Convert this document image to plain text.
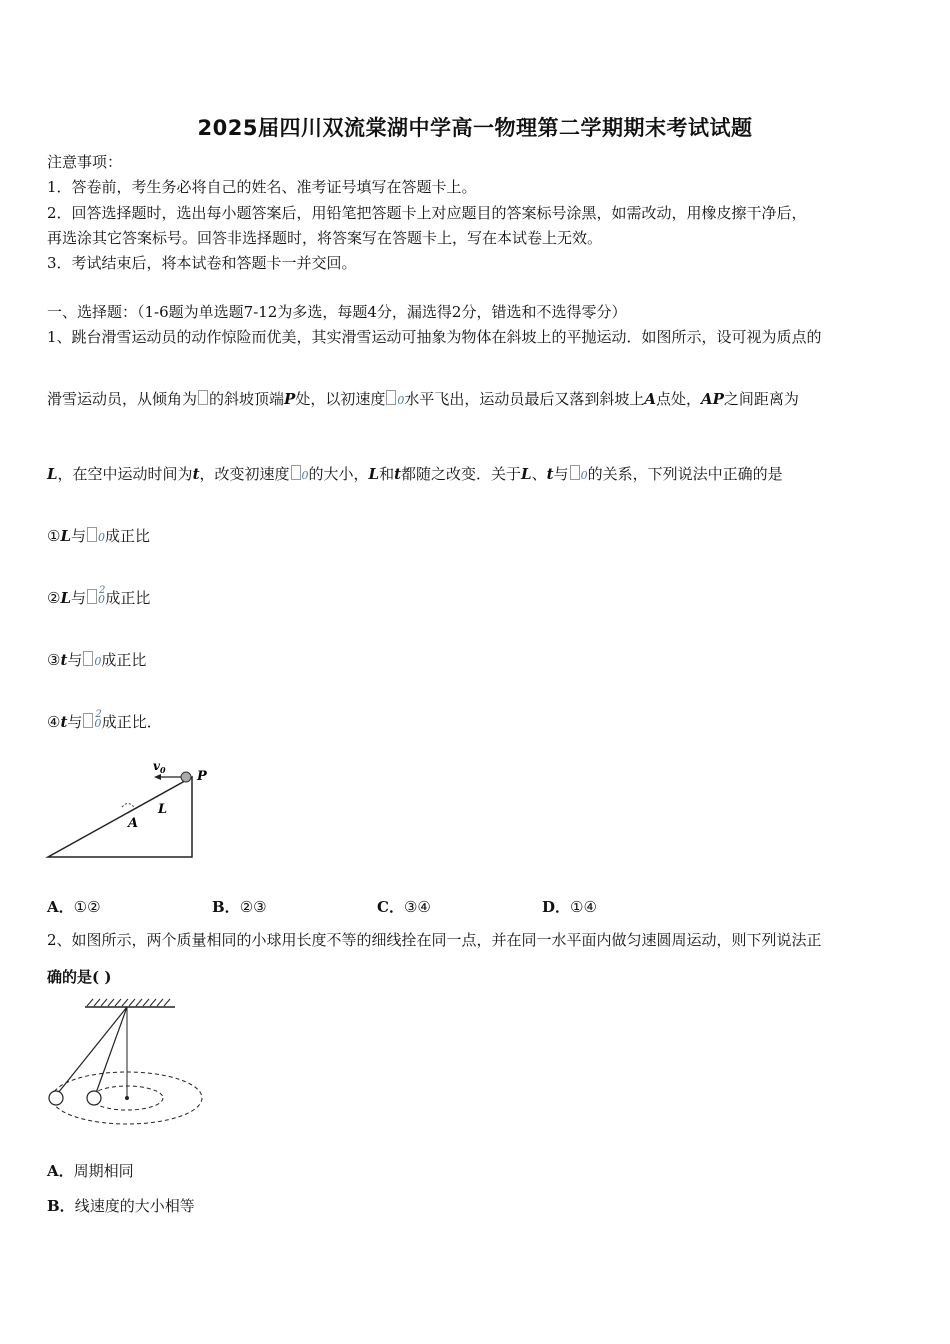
2025届四川双流棠湖中学高一物理第二学期期末考试试题
注意事项：
1．答卷前，考生务必将自己的姓名、准考证号填写在答题卡上。
2．回答选择题时，选出每小题答案后，用铅笔把答题卡上对应题目的答案标号涂黑，如需改动，用橡皮擦干净后，
再选涂其它答案标号。回答非选择题时，将答案写在答题卡上，写在本试卷上无效。
3．考试结束后，将本试卷和答题卡一并交回。
一、选择题：（1-6题为单选题7-12为多选，每题4分，漏选得2分，错选和不选得零分）
1、跳台滑雪运动员的动作惊险而优美，其实滑雪运动可抽象为物体在斜坡上的平抛运动．如图所示，设可视为质点的
滑雪运动员，从倾角为 的斜坡顶端P处，以初速度 0水平飞出，运动员最后又落到斜坡上A点处，AP之间距离为
L，在空中运动时间为t，改变初速度 0的大小，L和t都随之改变．关于L、t与 0的关系，下列说法中正确的是
①L与 0成正比
②L与 $0^2$成正比
③t与 0成正比
④t与 $0^2$成正比．
$v_0$ P
L
A
A．①②	B．②③	C．③④	D．①④
2、如图所示，两个质量相同的小球用长度不等的细线拴在同一点，并在同一水平面内做匀速圆周运动，则下列说法正
确的是( )
A．周期相同
B．线速度的大小相等
